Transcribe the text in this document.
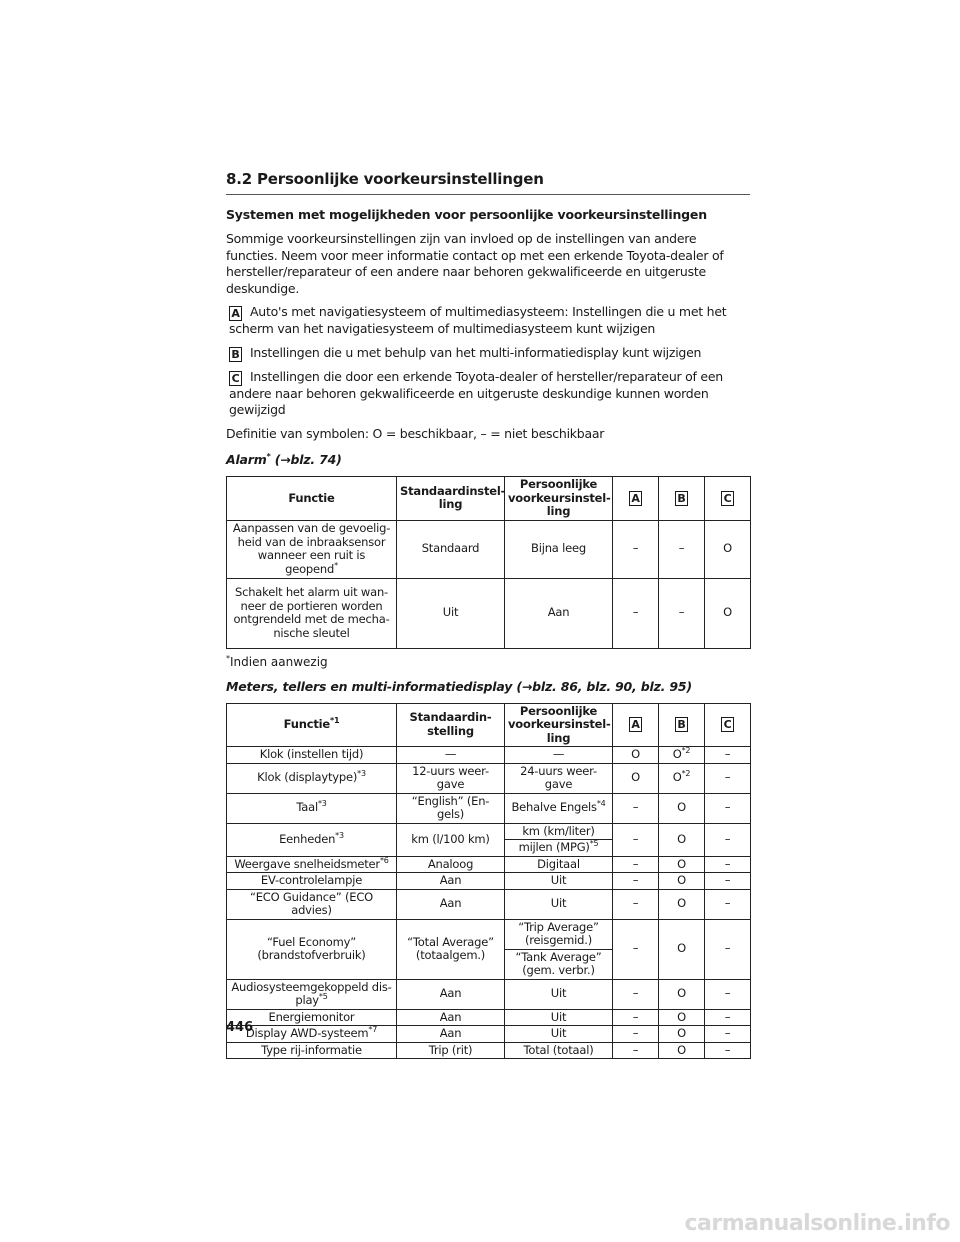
8.2 Persoonlijke voorkeursinstellingen
Systemen met mogelijkheden voor persoonlijke voorkeursinstellingen

Sommige voorkeursinstellingen zijn van invloed op de instellingen van andere functies. Neem voor meer informatie contact op met een erkende Toyota-dealer of hersteller/reparateur of een andere naar behoren gekwalificeerde en uitgeruste deskundige.

A Auto's met navigatiesysteem of multimediasysteem: Instellingen die u met het scherm van het navigatiesysteem of multimediasysteem kunt wijzigen

B Instellingen die u met behulp van het multi-informatiedisplay kunt wijzigen

C Instellingen die door een erkende Toyota-dealer of hersteller/reparateur of een andere naar behoren gekwalificeerde en uitgeruste deskundige kunnen worden gewijzigd

Definitie van symbolen: O = beschikbaar, – = niet beschikbaar

Alarm* (→blz. 74)
Functie	Standaardinstel- ling	Persoonlijke voorkeursinstel- ling	A	B	C
Aanpassen van de gevoelig- heid van de inbraaksensor wanneer een ruit is geopend*	Standaard	Bijna leeg	–	–	O
Schakelt het alarm uit wan- neer de portieren worden ontgrendeld met de mecha- nische sleutel	Uit	Aan	–	–	O
*Indien aanwezig
Meters, tellers en multi-informatiedisplay (→blz. 86, blz. 90, blz. 95)
Functie$^{*1}$	Standaardin- stelling	Persoonlijke voorkeursinstel- ling	A	B	C
Klok (instellen tijd)	—	—	O	$O^{*2}$	–
Klok (displaytype)$^{*3}$	12-uurs weer- gave	24-uurs weer- gave	O	$O^{*2}$	–
Taal$^{*3}$	“English” (En- gels)	Behalve Engels$^{*4}$	–	O	–
Eenheden$^{*3}$	km (l/100 km)	km (km/liter)	–	O	–
		mijlen (MPG)$^{*5}$
Weergave snelheidsmeter$^{*6}$	Analoog	Digitaal	–	O	–
EV-controlelampje	Aan	Uit	–	O	–
“ECO Guidance” (ECO advies)	Aan	Uit	–	O	–
“Fuel Economy” (brandstofverbruik)	“Total Average” (totaalgem.)	“Trip Average” (reisgemid.)	–	O	–
		“Tank Average” (gem. verbr.)			
Audiosysteemgekoppeld dis- play$^{*5}$	Aan	Uit	–	O	–
Energiemonitor	Aan	Uit	–	O	–
Display AWD-systeem$^{*7}$	Aan	Uit	–	O	–
Type rij-informatie	Trip (rit)	Total (totaal)	–	O	–
446
carmanualsonline.info
